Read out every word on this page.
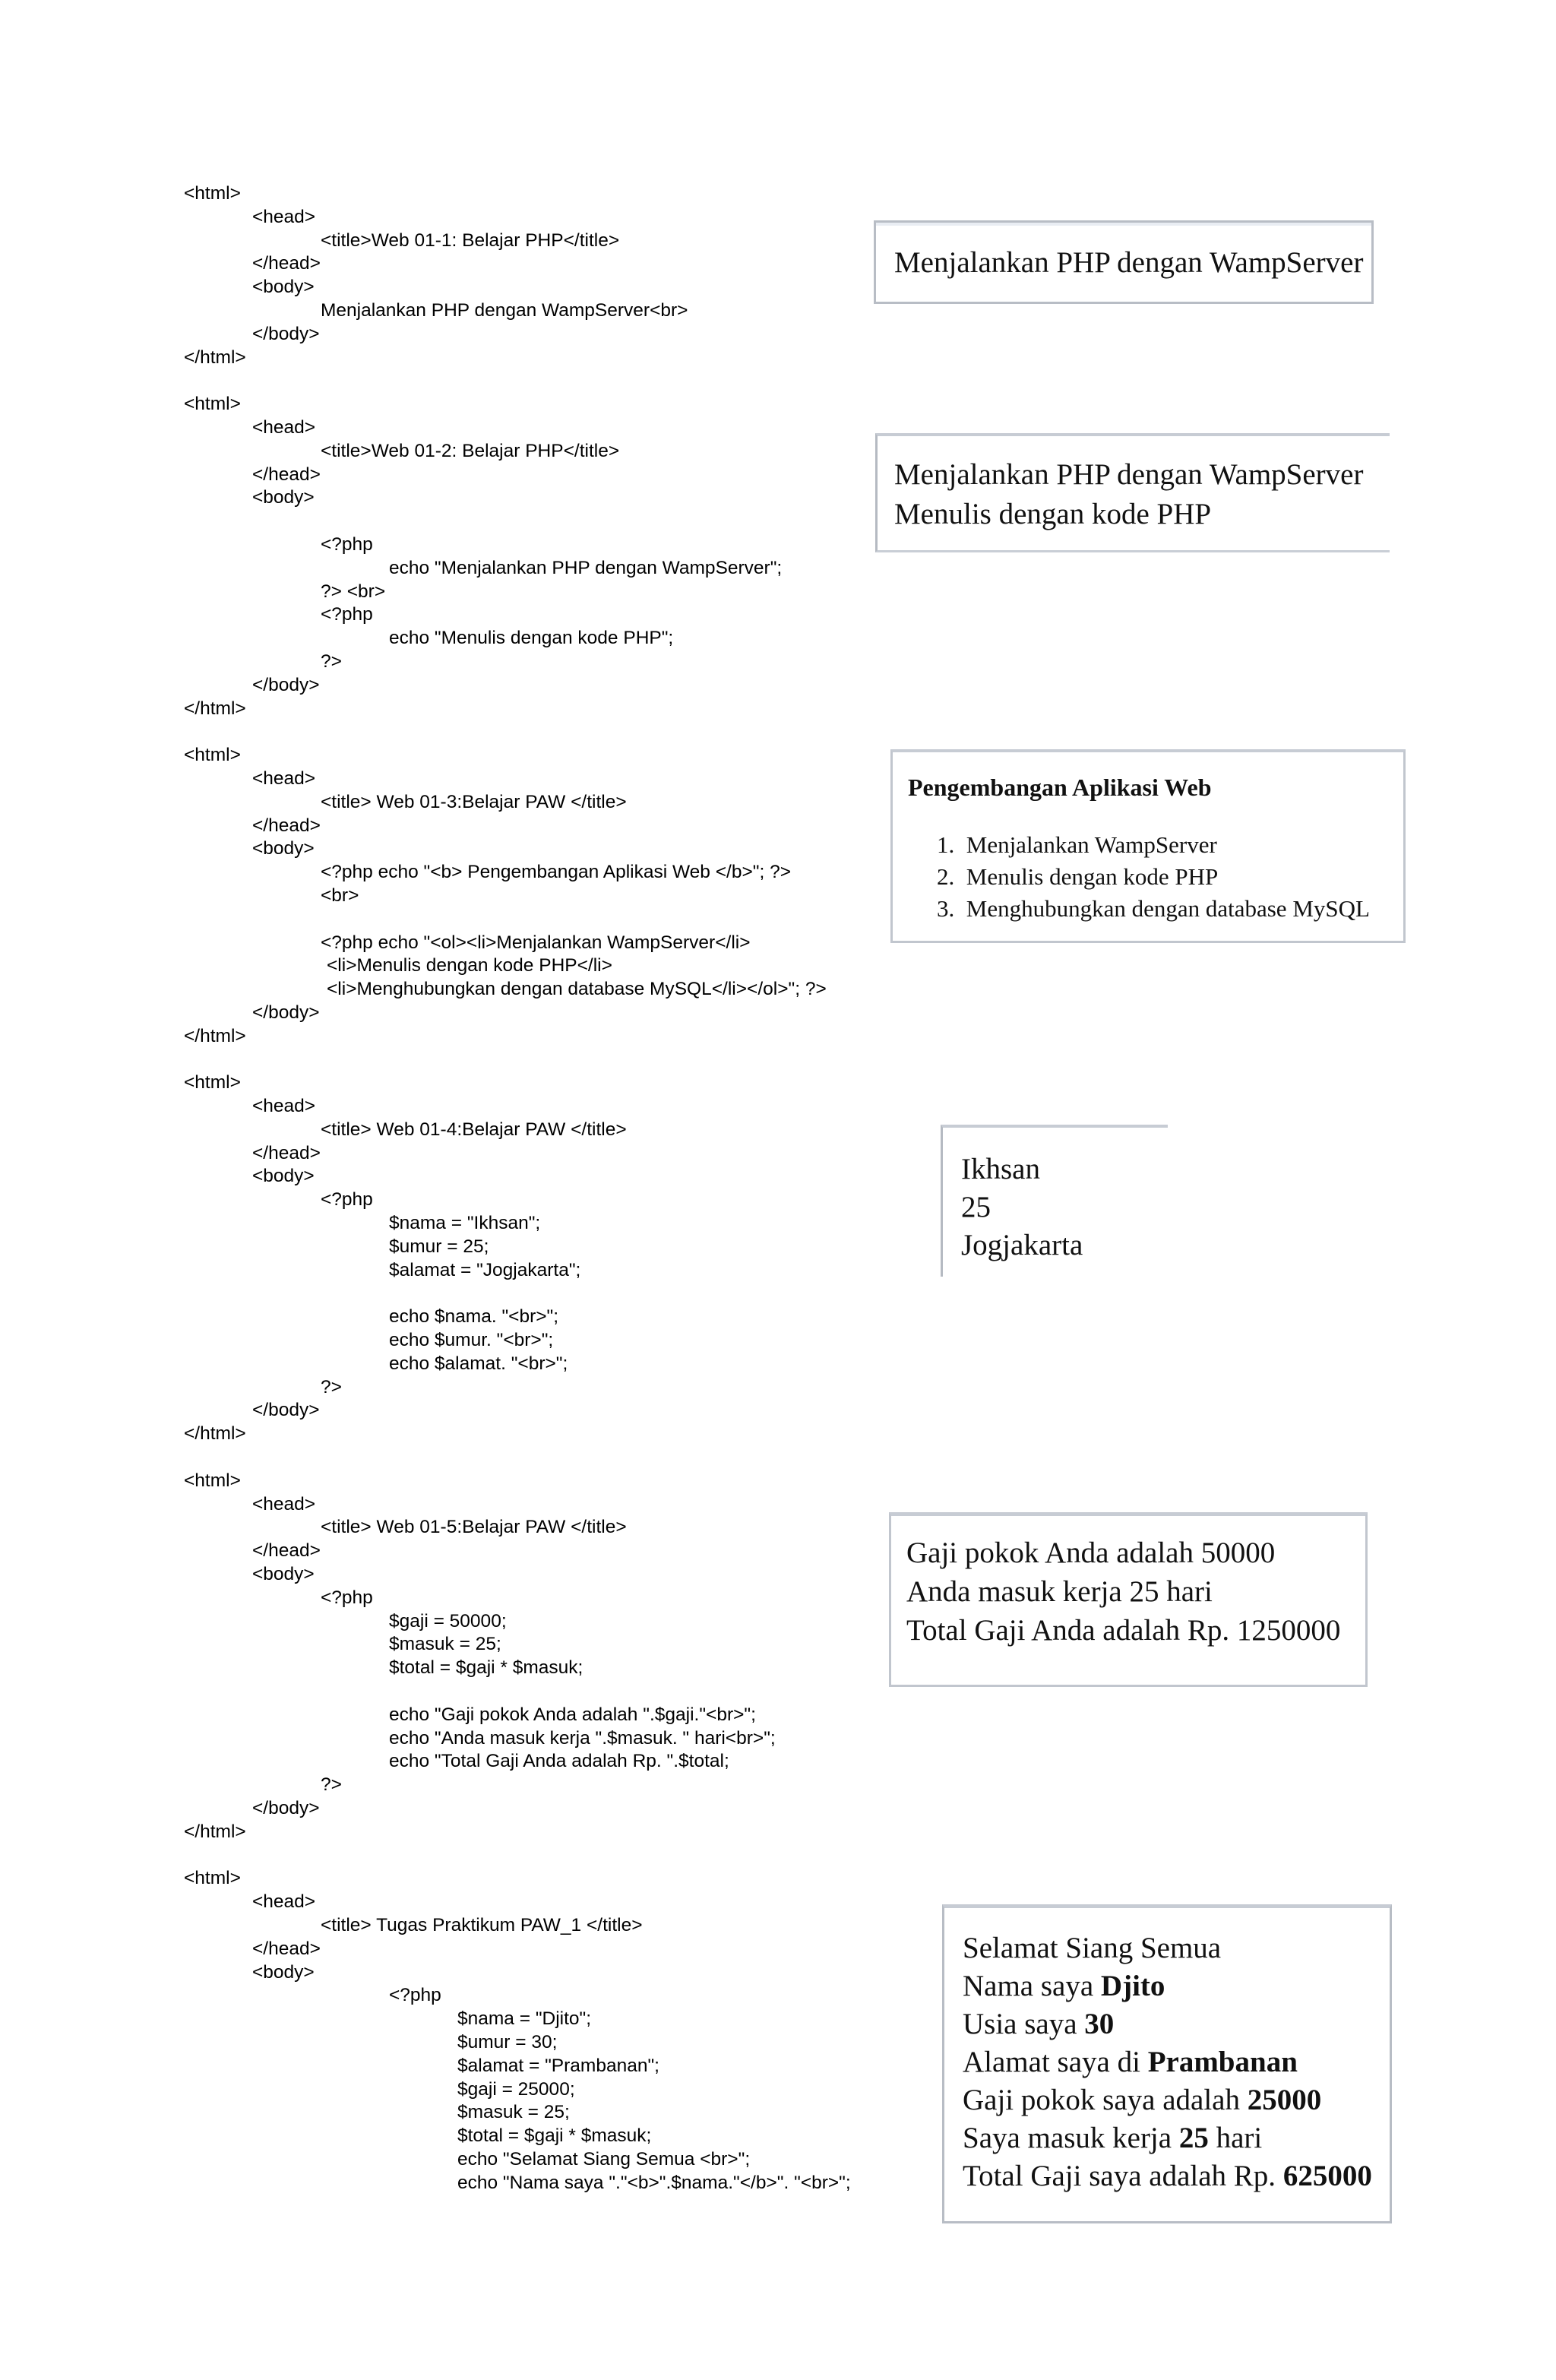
<html>
<head>
<title>Web 01-1: Belajar PHP</title>
</head>
<body>
Menjalankan PHP dengan WampServer<br>
</body>
</html>
<html>
<head>
<title>Web 01-2: Belajar PHP</title>
</head>
<body>
<?php
echo "Menjalankan PHP dengan WampServer";
?> <br>
<?php
echo "Menulis dengan kode PHP";
?>
</body>
</html>
<html>
<head>
<title> Web 01-3:Belajar PAW </title>
</head>
<body>
<?php echo "<b> Pengembangan Aplikasi Web </b>"; ?>
<br>
<?php echo "<ol><li>Menjalankan WampServer</li>
<li>Menulis dengan kode PHP</li>
<li>Menghubungkan dengan database MySQL</li></ol>"; ?>
</body>
</html>
<html>
<head>
<title> Web 01-4:Belajar PAW </title>
</head>
<body>
<?php
$nama = "Ikhsan";
$umur = 25;
$alamat = "Jogjakarta";
echo $nama. "<br>";
echo $umur. "<br>";
echo $alamat. "<br>";
?>
</body>
</html>
<html>
<head>
<title> Web 01-5:Belajar PAW </title>
</head>
<body>
<?php
$gaji = 50000;
$masuk = 25;
$total = $gaji * $masuk;
echo "Gaji pokok Anda adalah ".$gaji."<br>";
echo "Anda masuk kerja ".$masuk. " hari<br>";
echo "Total Gaji Anda adalah Rp. ".$total;
?>
</body>
</html>
<html>
<head>
<title> Tugas Praktikum PAW_1 </title>
</head>
<body>
<?php
$nama = "Djito";
$umur = 30;
$alamat = "Prambanan";
$gaji = 25000;
$masuk = 25;
$total = $gaji * $masuk;
echo "Selamat Siang Semua <br>";
echo "Nama saya "."<b>".$nama."</b>". "<br>";
Menjalankan PHP dengan WampServer
Menjalankan PHP dengan WampServer
Menulis dengan kode PHP
Pengembangan Aplikasi Web
1.  Menjalankan WampServer
2.  Menulis dengan kode PHP
3.  Menghubungkan dengan database MySQL
Ikhsan
25
Jogjakarta
Gaji pokok Anda adalah 50000
Anda masuk kerja 25 hari
Total Gaji Anda adalah Rp. 1250000
Selamat Siang Semua
Nama saya Djito
Usia saya 30
Alamat saya di Prambanan
Gaji pokok saya adalah 25000
Saya masuk kerja 25 hari
Total Gaji saya adalah Rp. 625000
